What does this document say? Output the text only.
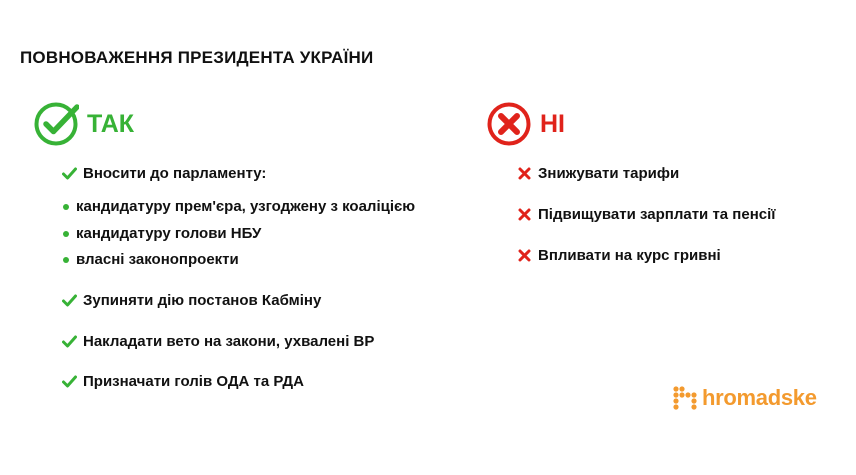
ПОВНОВАЖЕННЯ ПРЕЗИДЕНТА УКРАЇНИ
ТАК
Вносити до парламенту:
кандидатуру прем'єра, узгоджену з коаліцією
кандидатуру голови НБУ
власні законопроекти
Зупиняти дію постанов Кабміну
Накладати вето на закони, ухвалені ВР
Призначати голів ОДА та РДА
НІ
Знижувати тарифи
Підвищувати зарплати та пенсії
Впливати на курс гривні
hromadske
